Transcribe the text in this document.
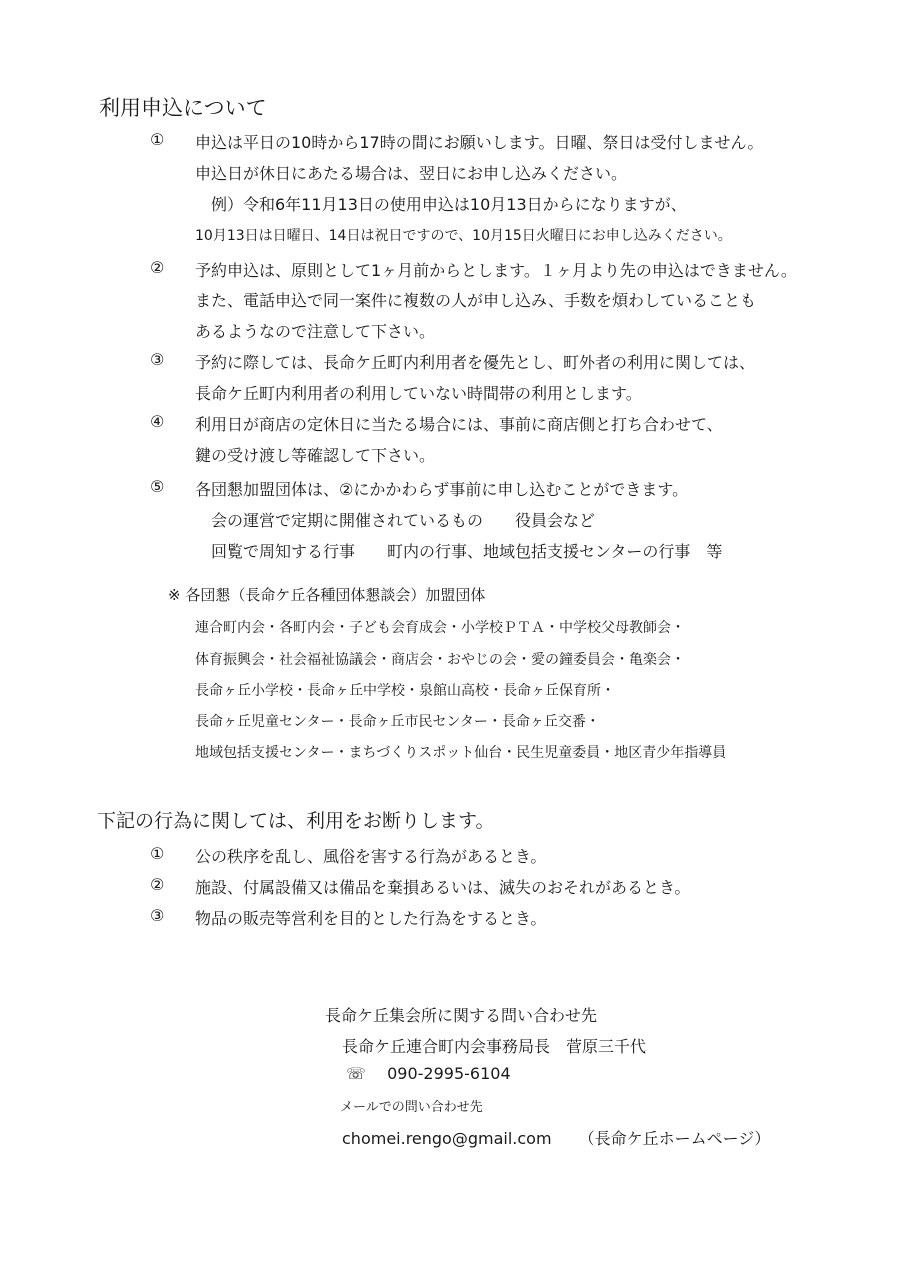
利用申込について
① 申込は平日の10時から17時の間にお願いします。日曜、祭日は受付しません。
申込日が休日にあたる場合は、翌日にお申し込みください。
　例）令和6年11月13日の使用申込は10月13日からになりますが、
10月13日は日曜日、14日は祝日ですので、10月15日火曜日にお申し込みください。
② 予約申込は、原則として1ヶ月前からとします。１ヶ月より先の申込はできません。
また、電話申込で同一案件に複数の人が申し込み、手数を煩わしていることも
あるようなので注意して下さい。
③ 予約に際しては、長命ケ丘町内利用者を優先とし、町外者の利用に関しては、
長命ケ丘町内利用者の利用していない時間帯の利用とします。
④ 利用日が商店の定休日に当たる場合には、事前に商店側と打ち合わせて、
鍵の受け渡し等確認して下さい。
⑤ 各団懇加盟団体は、②にかかわらず事前に申し込むことができます。
　会の運営で定期に開催されているもの　　役員会など
　回覧で周知する行事　　町内の行事、地域包括支援センターの行事　等
※ 各団懇（長命ケ丘各種団体懇談会）加盟団体
連合町内会・各町内会・子ども会育成会・小学校ＰＴＡ・中学校父母教師会・
体育振興会・社会福祉協議会・商店会・おやじの会・愛の鐘委員会・亀楽会・
長命ヶ丘小学校・長命ヶ丘中学校・泉館山高校・長命ヶ丘保育所・
長命ヶ丘児童センター・長命ヶ丘市民センター・長命ヶ丘交番・
地域包括支援センター・まちづくりスポット仙台・民生児童委員・地区青少年指導員
下記の行為に関しては、利用をお断りします。
① 公の秩序を乱し、風俗を害する行為があるとき。
② 施設、付属設備又は備品を棄損あるいは、滅失のおそれがあるとき。
③ 物品の販売等営利を目的とした行為をするとき。
長命ケ丘集会所に関する問い合わせ先
長命ケ丘連合町内会事務局長　菅原三千代
☏ 090-2995-6104
メールでの問い合わせ先
chomei.rengo@gmail.com （長命ケ丘ホームページ）
